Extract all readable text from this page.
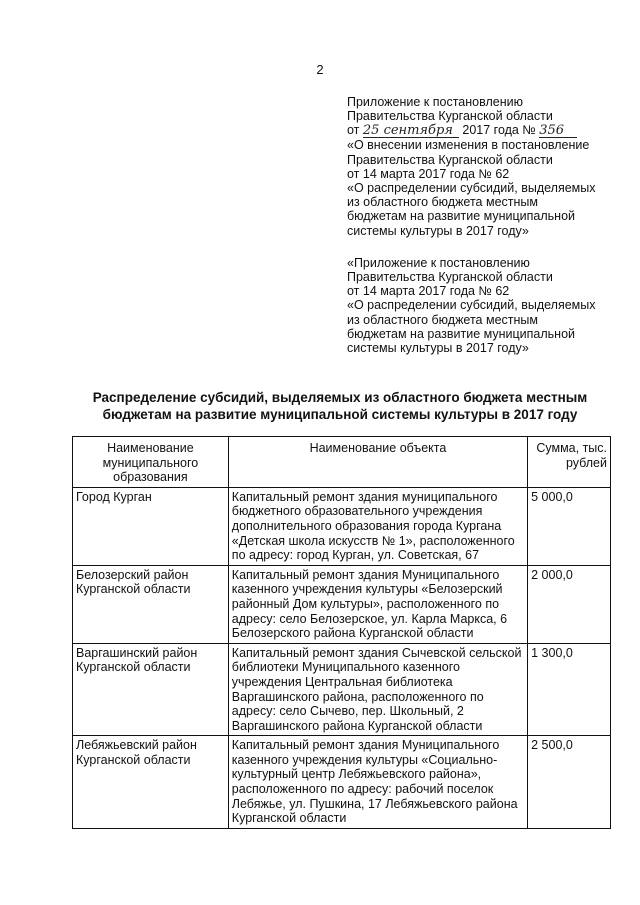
2
Приложение к постановлению
Правительства Курганской области
от 25 сентября 2017 года № 356
«О внесении изменения в постановление
Правительства Курганской области
от 14 марта 2017 года № 62
«О распределении субсидий, выделяемых
из областного бюджета местным
бюджетам на развитие муниципальной
системы культуры в 2017 году»
«Приложение к постановлению
Правительства Курганской области
от 14 марта 2017 года № 62
«О распределении субсидий, выделяемых
из областного бюджета местным
бюджетам на развитие муниципальной
системы культуры в 2017 году»
Распределение субсидий, выделяемых из областного бюджета местным
бюджетам на развитие муниципальной системы культуры в 2017 году
Наименование муниципального образования	Наименование объекта	Сумма, тыс. рублей
Город Курган	Капитальный ремонт здания муниципального бюджетного образовательного учреждения дополнительного образования города Кургана «Детская школа искусств № 1», расположенного по адресу: город Курган, ул. Советская, 67	5 000,0
Белозерский район Курганской области	Капитальный ремонт здания Муниципального казенного учреждения культуры «Белозерский районный Дом культуры», расположенного по адресу: село Белозерское, ул. Карла Маркса, 6 Белозерского района Курганской области	2 000,0
Варгашинский район Курганской области	Капитальный ремонт здания Сычевской сельской библиотеки Муниципального казенного учреждения Центральная библиотека Варгашинского района, расположенного по адресу: село Сычево, пер. Школьный, 2 Варгашинского района Курганской области	1 300,0
Лебяжьевский район Курганской области	Капитальный ремонт здания Муниципального казенного учреждения культуры «Социально-культурный центр Лебяжьевского района», расположенного по адресу: рабочий поселок Лебяжье, ул. Пушкина, 17 Лебяжьевского района Курганской области	2 500,0
